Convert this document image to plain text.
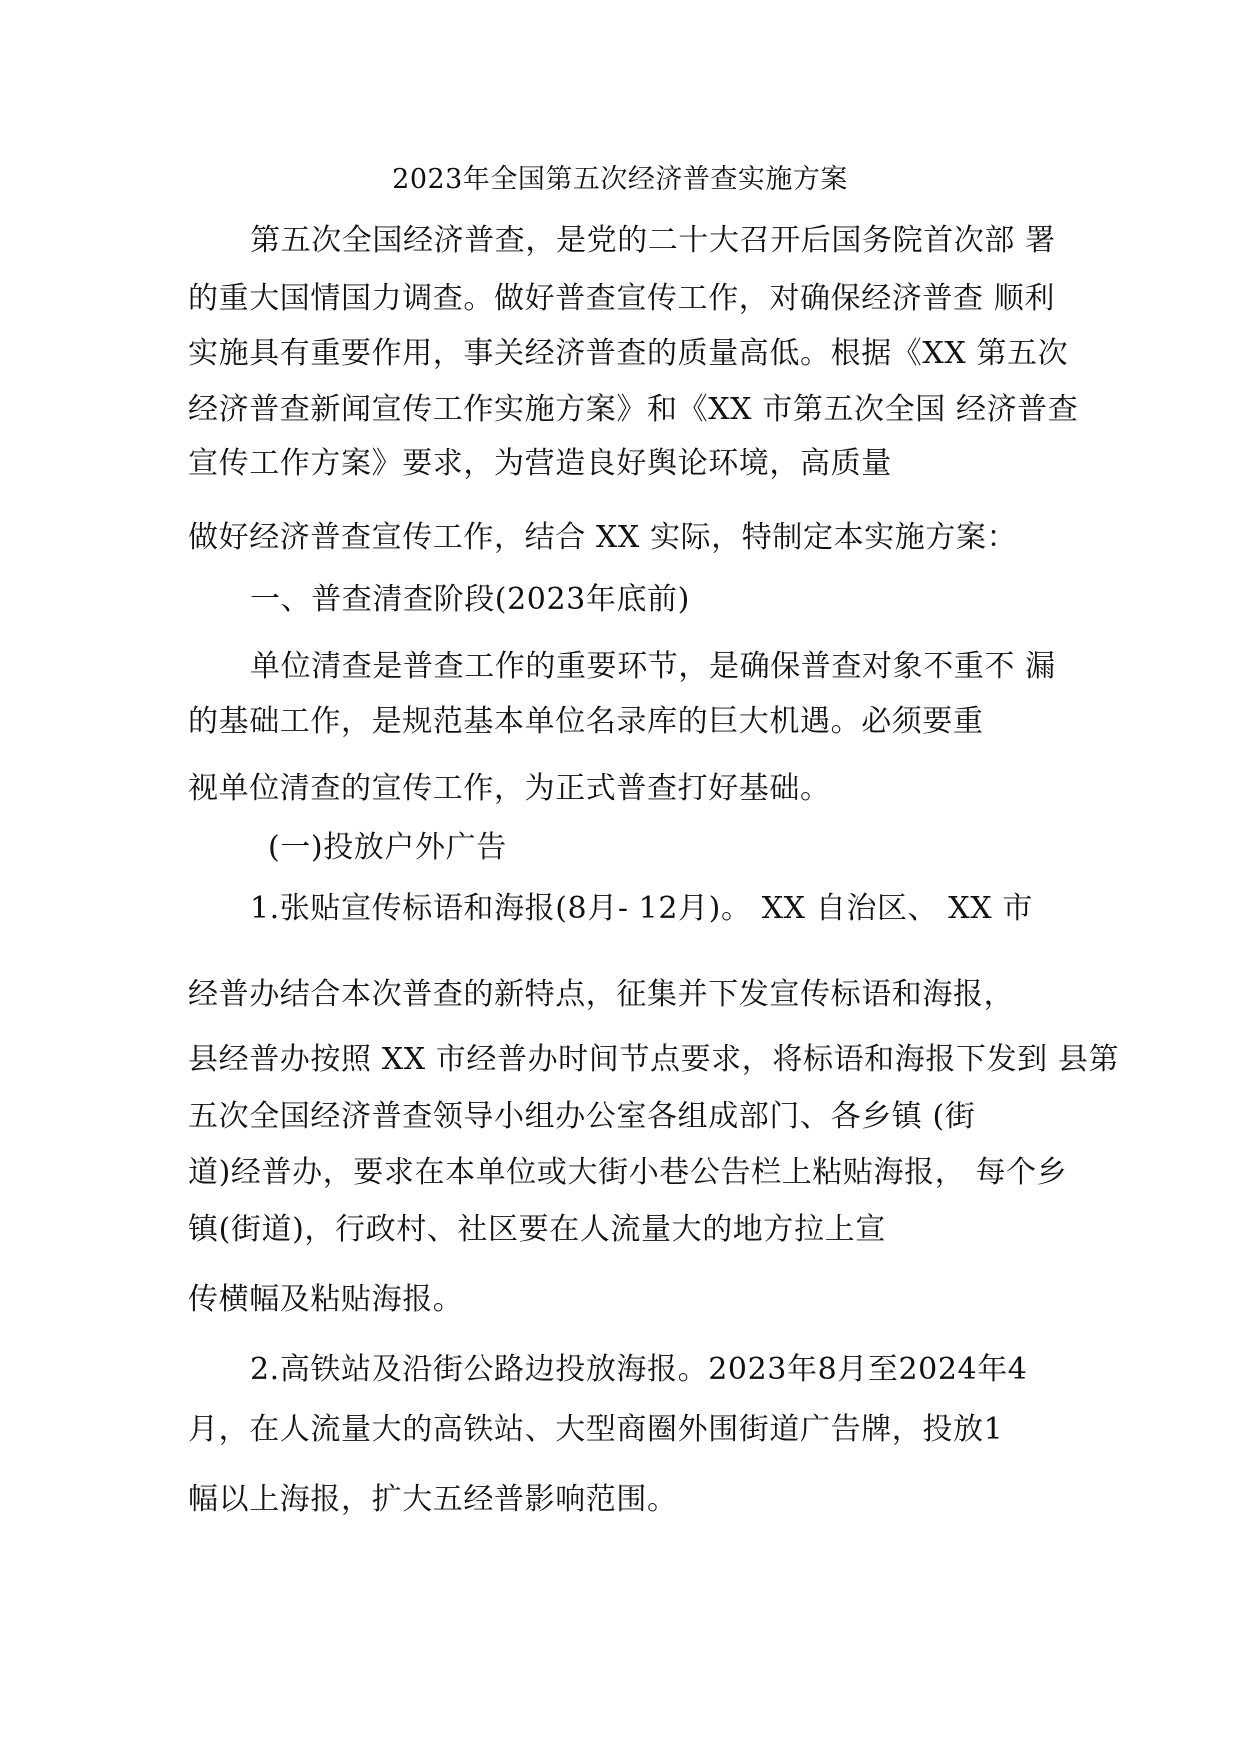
2023年全国第五次经济普查实施方案
第五次全国经济普查，是党的二十大召开后国务院首次部 署
的重大国情国力调查。做好普查宣传工作，对确保经济普查 顺利
实施具有重要作用，事关经济普查的质量高低。根据《XX 第五次
经济普查新闻宣传工作实施方案》和《XX 市第五次全国 经济普查
宣传工作方案》要求，为营造良好舆论环境，高质量
做好经济普查宣传工作，结合 XX 实际，特制定本实施方案：
一、普查清查阶段(2023年底前)
单位清查是普查工作的重要环节，是确保普查对象不重不 漏
的基础工作，是规范基本单位名录库的巨大机遇。必须要重
视单位清查的宣传工作，为正式普查打好基础。
(一)投放户外广告
1.张贴宣传标语和海报(8月- 12月)。 XX 自治区、 XX 市
经普办结合本次普查的新特点，征集并下发宣传标语和海报，
县经普办按照 XX 市经普办时间节点要求，将标语和海报下发到 县第
五次全国经济普查领导小组办公室各组成部门、各乡镇 (街
道)经普办，要求在本单位或大街小巷公告栏上粘贴海报， 每个乡
镇(街道)，行政村、社区要在人流量大的地方拉上宣
传横幅及粘贴海报。
2.高铁站及沿街公路边投放海报。2023年8月至2024年4
月，在人流量大的高铁站、大型商圈外围街道广告牌，投放1
幅以上海报，扩大五经普影响范围。
